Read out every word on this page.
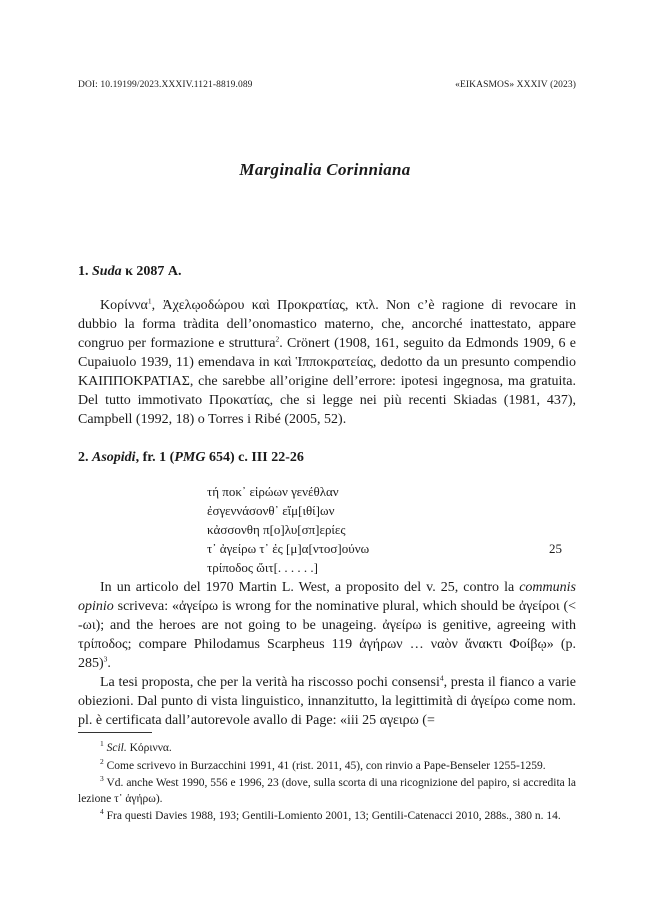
DOI: 10.19199/2023.XXXIV.1121-8819.089	«EIKASMOS» XXXIV (2023)
Marginalia Corinniana
1. Suda κ 2087 A.

Κορίννα$^1$, Ἀχελῳοδώρου καὶ Προκρατίας, κτλ. Non c’è ragione di revocare in dubbio la forma tràdita dell’onomastico materno, che, ancorché inattestato, appare congruo per formazione e struttura$^2$. Crönert (1908, 161, seguito da Edmonds 1909, 6 e Cupaiuolo 1939, 11) emendava in καὶ Ἱπποκρατείας, dedotto da un presunto compendio ΚΑΙΠΠΟΚΡΑΤΙΑΣ, che sarebbe all’origine dell’errore: ipotesi ingegnosa, ma gratuita. Del tutto immotivato Προκατίας, che si legge nei più recenti Skiadas (1981, 437), Campbell (1992, 18) o Torres i Ribé (2005, 52).

2. Asopidi, fr. 1 (PMG 654) c. III 22-26
τή ποκ᾽ εἰρώων γενέθλαν
ἐσγεννάσονθ᾽ εἵμ[ιθί]ων
κἀσσονθη π[ο]λυ[σπ]ερίες
τ᾽ ἀγείρω τ᾽ ἐς [μ]α[ντοσ]ούνω	25
τρίποδος ὤιτ[. . . . . .]

In un articolo del 1970 Martin L. West, a proposito del v. 25, contro la communis opinio scriveva: «ἀγείρω is wrong for the nominative plural, which should be ἀγείροι (< -ωι); and the heroes are not going to be unageing. ἀγείρω is genitive, agreeing with τρίποδος; compare Philodamus Scarpheus 119 ἀγήρων … ναὸν ἄνακτι Φοίβῳ» (p. 285)$^3$.

La tesi proposta, che per la verità ha riscosso pochi consensi$^4$, presta il fianco a varie obiezioni. Dal punto di vista linguistico, innanzitutto, la legittimità di ἀγείρω come nom. pl. è certificata dall’autorevole avallo di Page: «iii 25 αγειρω (=

$^1$ Scil. Κόριννα.

$^2$ Come scrivevo in Burzacchini 1991, 41 (rist. 2011, 45), con rinvio a Pape-Benseler 1255-1259.

$^3$ Vd. anche West 1990, 556 e 1996, 23 (dove, sulla scorta di una ricognizione del papiro, si accredita la lezione τ᾽ ἀγήρω).

$^4$ Fra questi Davies 1988, 193; Gentili-Lomiento 2001, 13; Gentili-Catenacci 2010, 288s., 380 n. 14.
